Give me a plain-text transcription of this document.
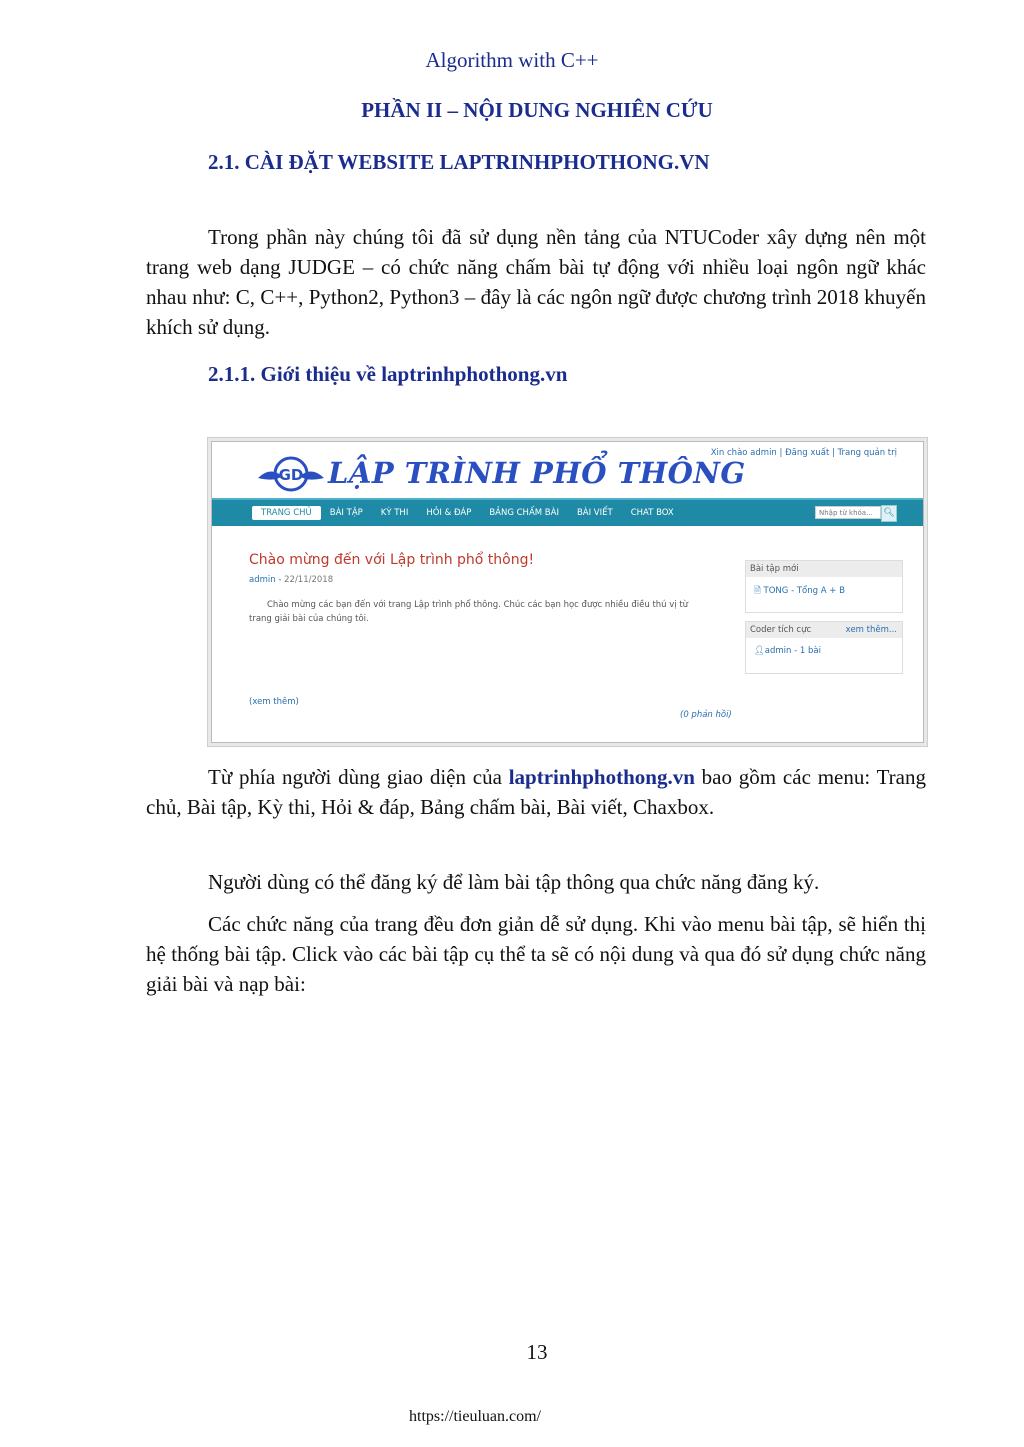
Algorithm with C++
PHẦN II – NỘI DUNG NGHIÊN CỨU
2.1. CÀI ĐẶT WEBSITE LAPTRINHPHOTHONG.VN
Trong phần này chúng tôi đã sử dụng nền tảng của NTUCoder xây dựng nên một trang web dạng JUDGE – có chức năng chấm bài tự động với nhiều loại ngôn ngữ khác nhau như: C, C++, Python2, Python3 – đây là các ngôn ngữ được chương trình 2018 khuyến khích sử dụng.
2.1.1. Giới thiệu về laptrinhphothong.vn
Xin chào admin | Đăng xuất | Trang quản trị
GD LẬP TRÌNH PHỔ THÔNG
TRANG CHỦ	BÀI TẬP	KỲ THI	HỎI & ĐÁP	BẢNG CHẤM BÀI	BÀI VIẾT	CHAT BOX	Nhập từ khóa...	🔍︎
Chào mừng đến với Lập trình phổ thông!
admin - 22/11/2018
Chào mừng các bạn đến với trang Lập trình phổ thông. Chúc các bạn học được nhiều điều thú vị từ trang giải bài của chúng tôi.
(xem thêm)
(0 phản hồi)
Bài tập mới
🗎︎ TONG - Tổng A + B
Coder tích cực	xem thêm...
👤︎admin - 1 bài
Từ phía người dùng giao diện của laptrinhphothong.vn bao gồm các menu: Trang chủ, Bài tập, Kỳ thi, Hỏi & đáp, Bảng chấm bài, Bài viết, Chaxbox.
Người dùng có thể đăng ký để làm bài tập thông qua chức năng đăng ký.
Các chức năng của trang đều đơn giản dễ sử dụng. Khi vào menu bài tập, sẽ hiển thị hệ thống bài tập. Click vào các bài tập cụ thể ta sẽ có nội dung và qua đó sử dụng chức năng giải bài và nạp bài:
13
https://tieuluan.com/
